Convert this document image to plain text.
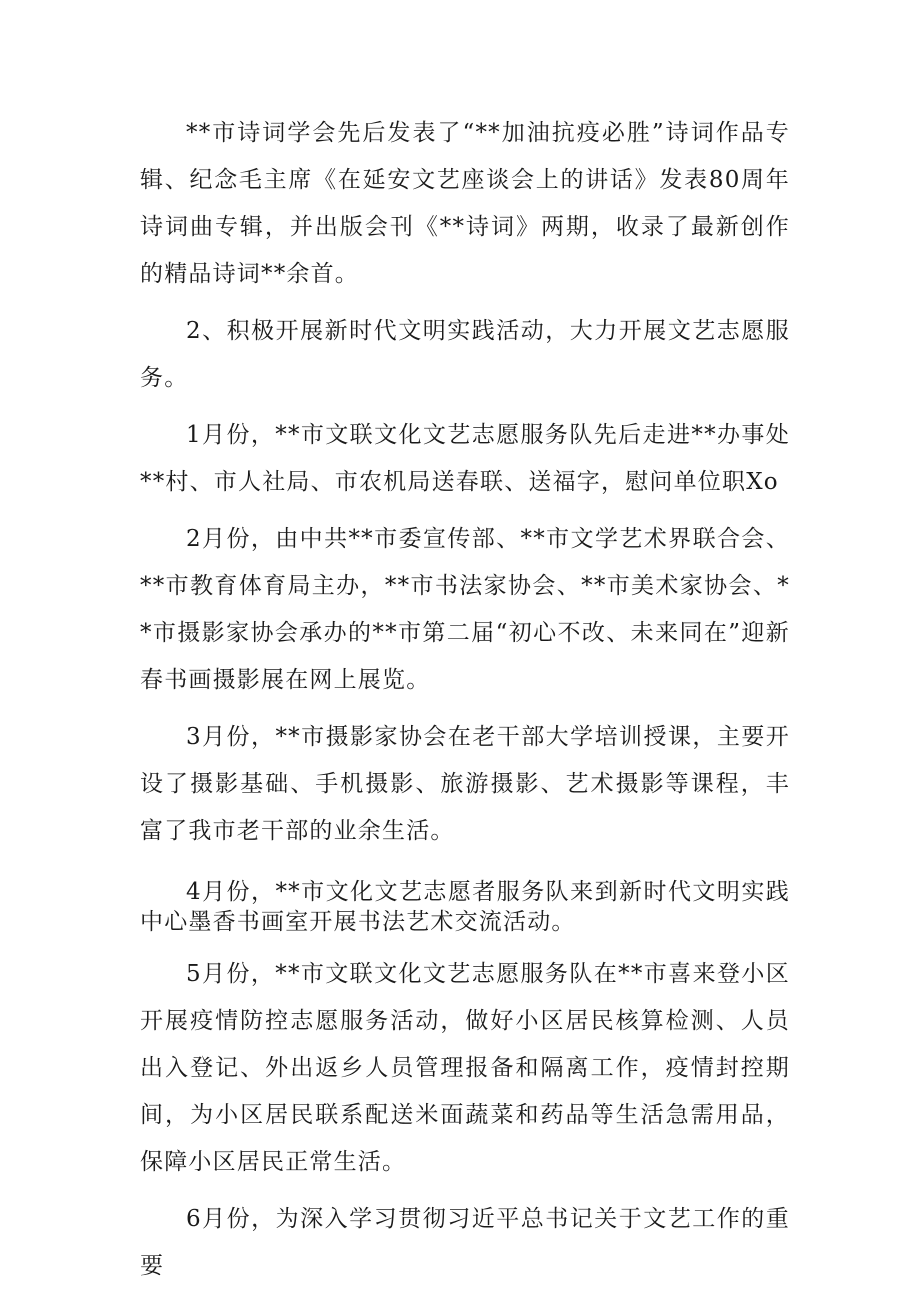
**市诗词学会先后发表了“**加油抗疫必胜”诗词作品专辑、纪念毛主席《在延安文艺座谈会上的讲话》发表80周年诗词曲专辑，并出版会刊《**诗词》两期，收录了最新创作的精品诗词**余首。

2、积极开展新时代文明实践活动，大力开展文艺志愿服务。

1月份，**市文联文化文艺志愿服务队先后走进**办事处**村、市人社局、市农机局送春联、送福字，慰问单位职Xo

2月份，由中共**市委宣传部、**市文学艺术界联合会、**市教育体育局主办，**市书法家协会、**市美术家协会、**市摄影家协会承办的**市第二届“初心不改、未来同在”迎新春书画摄影展在网上展览。

3月份，**市摄影家协会在老干部大学培训授课，主要开设了摄影基础、手机摄影、旅游摄影、艺术摄影等课程，丰富了我市老干部的业余生活。

4月份，**市文化文艺志愿者服务队来到新时代文明实践中心墨香书画室开展书法艺术交流活动。

5月份，**市文联文化文艺志愿服务队在**市喜来登小区开展疫情防控志愿服务活动，做好小区居民核算检测、人员出入登记、外出返乡人员管理报备和隔离工作，疫情封控期间，为小区居民联系配送米面蔬菜和药品等生活急需用品，保障小区居民正常生活。

6月份，为深入学习贯彻习近平总书记关于文艺工作的重要
